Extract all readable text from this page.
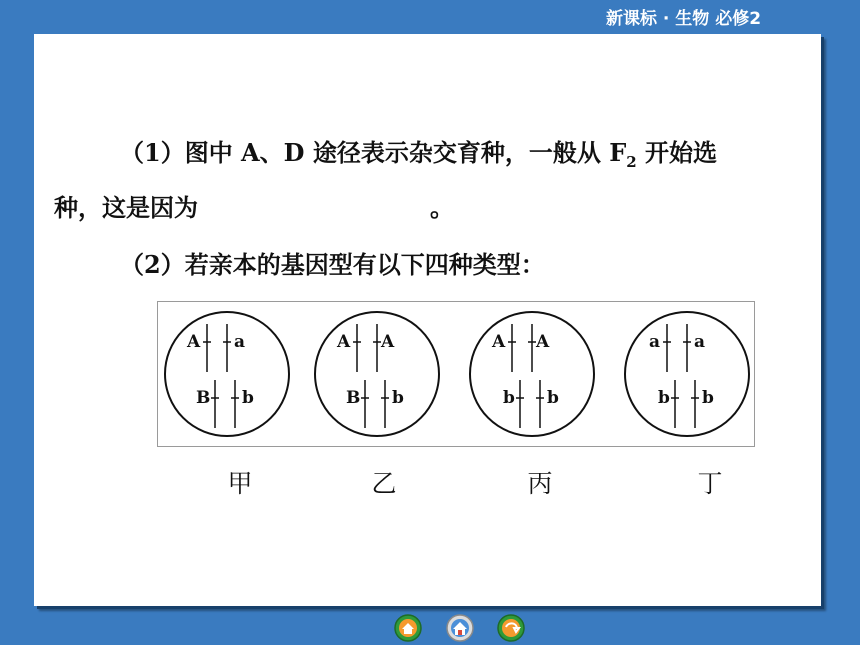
新课标 · 生物 必修2
（1）图中 A、D 途径表示杂交育种，一般从 $F_2$ 开始选
种，这是因为	。
（2）若亲本的基因型有以下四种类型：
A a
B b
A A
B b
A A
b b
a a
b b
甲	乙	丙	丁
